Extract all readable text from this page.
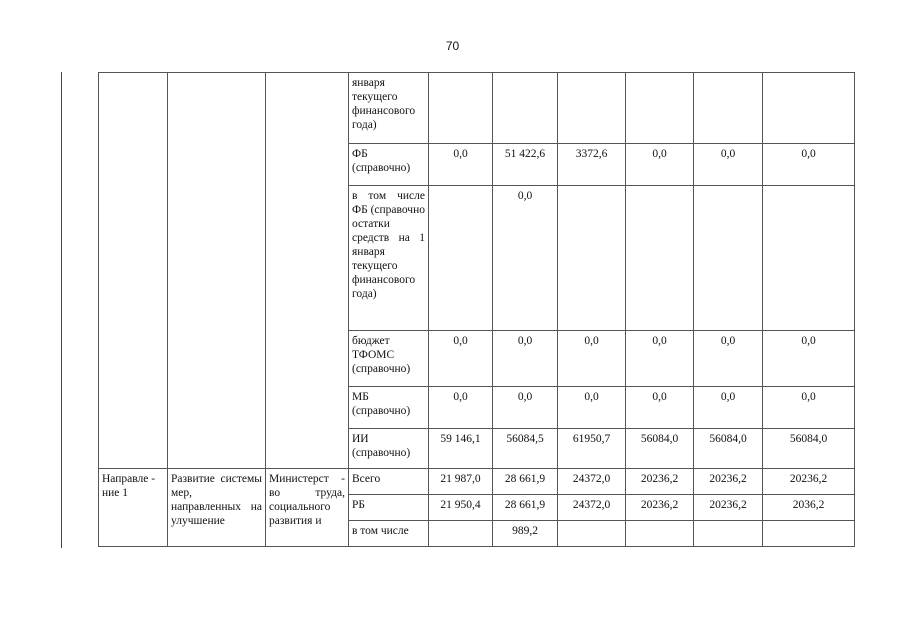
70
			января текущего финансового года)						
			ФБ (справочно)	0,0	51 422,6	3372,6	0,0	0,0	0,0
			в том числе ФБ (справочно остатки средств на 1 января текущего финансового года)		0,0				
			бюджет ТФОМС (справочно)	0,0	0,0	0,0	0,0	0,0	0,0
			МБ (справочно)	0,0	0,0	0,0	0,0	0,0	0,0
			ИИ (справочно)	59 146,1	56084,5	61950,7	56084,0	56084,0	56084,0
Направле - ние 1	Развитие системы мер, направленных на улучшение	Министерст - во труда, социального развития и	Всего	21 987,0	28 661,9	24372,0	20236,2	20236,2	20236,2
			РБ	21 950,4	28 661,9	24372,0	20236,2	20236,2	2036,2
			в том числе		989,2				
